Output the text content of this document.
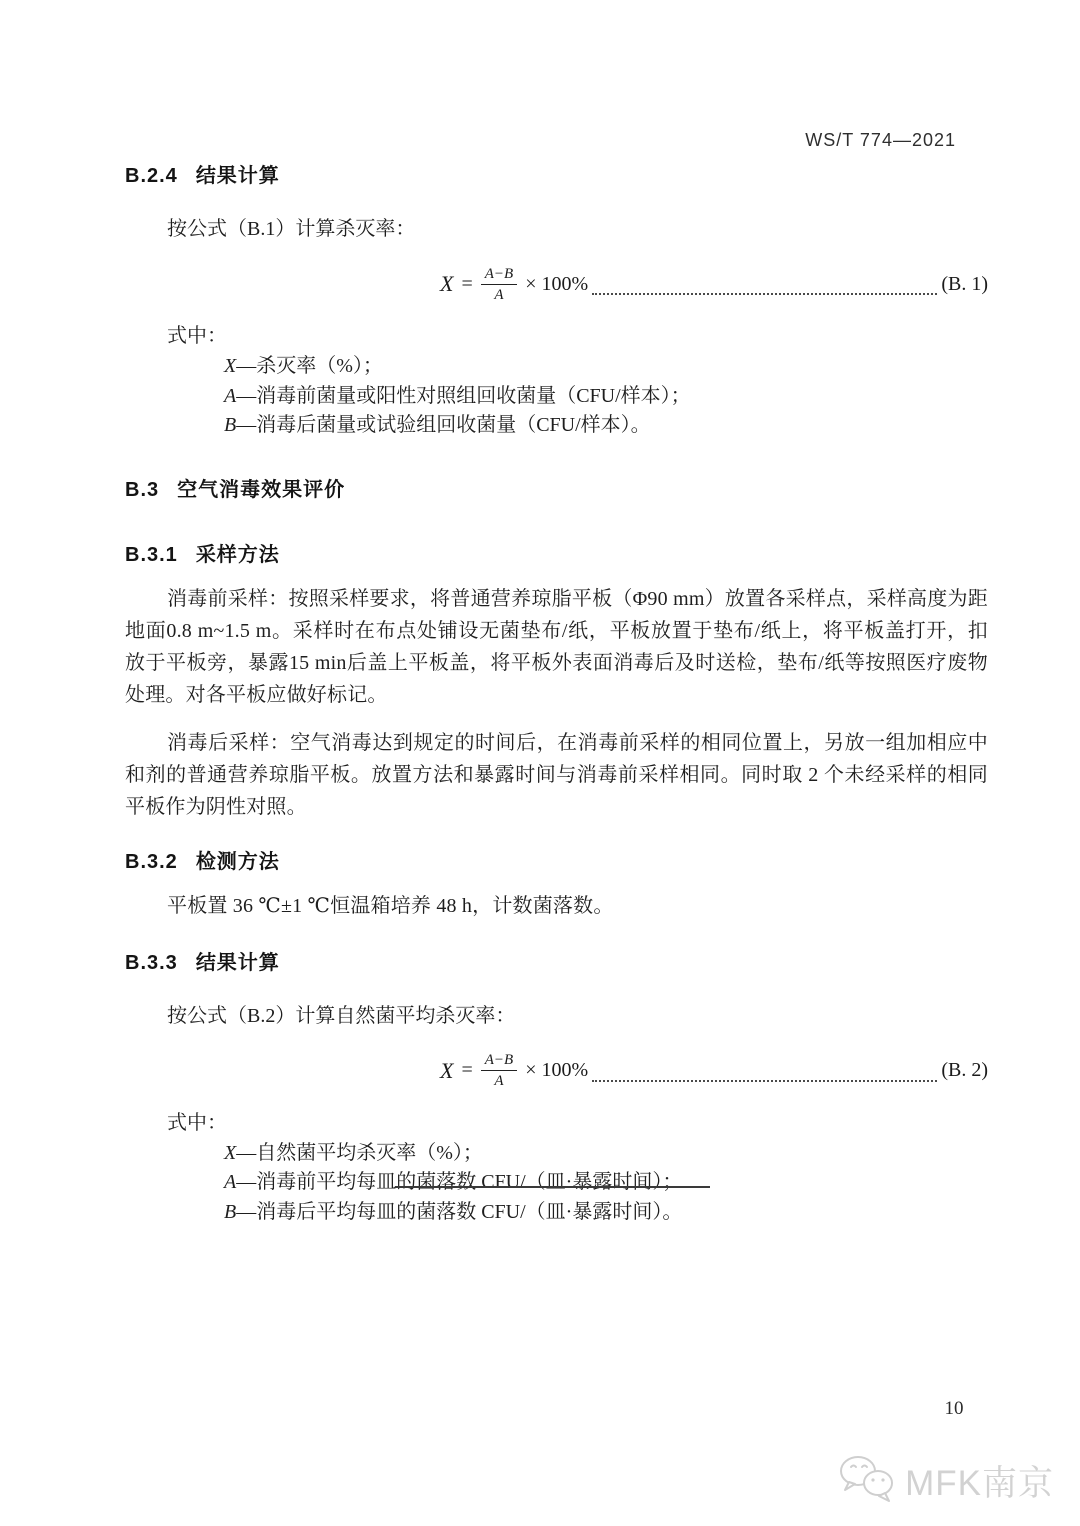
WS/T 774—2021
B.2.4 结果计算
按公式（B.1）计算杀灭率：
$X = \frac{A-B}{A} \times 100\%$	(B. 1)
式中：
X—杀灭率（%）；
A—消毒前菌量或阳性对照组回收菌量（CFU/样本）；
B—消毒后菌量或试验组回收菌量（CFU/样本）。
B.3 空气消毒效果评价
B.3.1 采样方法
消毒前采样：按照采样要求，将普通营养琼脂平板（Φ90 mm）放置各采样点，采样高度为距地面0.8 m~1.5 m。采样时在布点处铺设无菌垫布/纸，平板放置于垫布/纸上，将平板盖打开，扣放于平板旁，暴露15 min后盖上平板盖，将平板外表面消毒后及时送检，垫布/纸等按照医疗废物处理。对各平板应做好标记。
消毒后采样：空气消毒达到规定的时间后，在消毒前采样的相同位置上，另放一组加相应中和剂的普通营养琼脂平板。放置方法和暴露时间与消毒前采样相同。同时取 2 个未经采样的相同平板作为阴性对照。
B.3.2 检测方法
平板置 36 ℃±1 ℃恒温箱培养 48 h，计数菌落数。
B.3.3 结果计算
按公式（B.2）计算自然菌平均杀灭率：
$X = \frac{A-B}{A} \times 100\%$	(B. 2)
式中：
X—自然菌平均杀灭率（%）；
A—消毒前平均每皿的菌落数 CFU/（皿·暴露时间）；
B—消毒后平均每皿的菌落数 CFU/（皿·暴露时间）。
10
MFK南京
